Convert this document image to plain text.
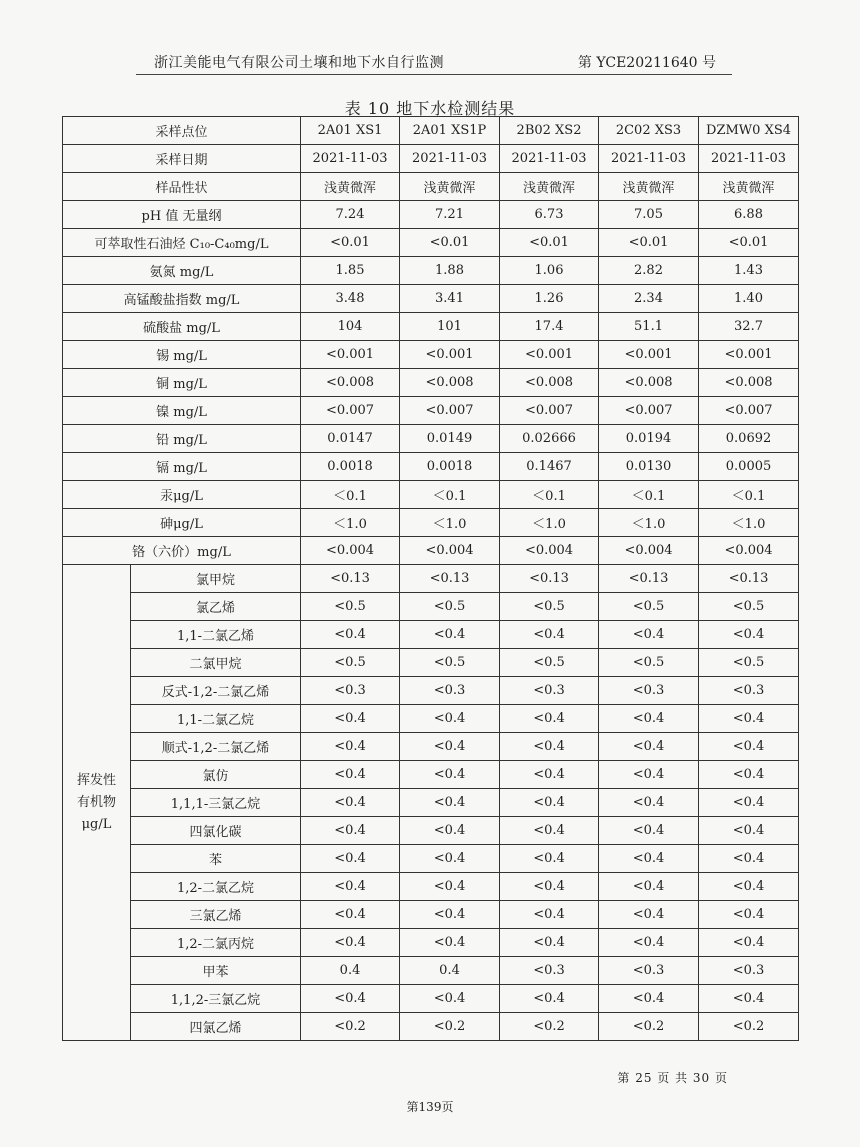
浙江美能电气有限公司土壤和地下水自行监测	第 YCE20211640 号
表 10 地下水检测结果
采样点位		2A01 XS1	2A01 XS1P	2B02 XS2	2C02 XS3	DZMW0 XS4
采样日期		2021-11-03	2021-11-03	2021-11-03	2021-11-03	2021-11-03
样品性状		浅黄微浑	浅黄微浑	浅黄微浑	浅黄微浑	浅黄微浑
pH 值 无量纲		7.24	7.21	6.73	7.05	6.88
可萃取性石油烃 C₁₀-C₄₀mg/L		<0.01	<0.01	<0.01	<0.01	<0.01
氨氮 mg/L		1.85	1.88	1.06	2.82	1.43
高锰酸盐指数 mg/L		3.48	3.41	1.26	2.34	1.40
硫酸盐 mg/L		104	101	17.4	51.1	32.7
锡 mg/L		<0.001	<0.001	<0.001	<0.001	<0.001
铜 mg/L		<0.008	<0.008	<0.008	<0.008	<0.008
镍 mg/L		<0.007	<0.007	<0.007	<0.007	<0.007
铅 mg/L		0.0147	0.0149	0.02666	0.0194	0.0692
镉 mg/L		0.0018	0.0018	0.1467	0.0130	0.0005
汞μg/L		＜0.1	＜0.1	＜0.1	＜0.1	＜0.1
砷μg/L		＜1.0	＜1.0	＜1.0	＜1.0	＜1.0
铬（六价）mg/L		<0.004	<0.004	<0.004	<0.004	<0.004

挥发性
有机物
μg/L	氯甲烷	<0.13	<0.13	<0.13	<0.13	<0.13
	氯乙烯	<0.5	<0.5	<0.5	<0.5	<0.5
	1,1-二氯乙烯	<0.4	<0.4	<0.4	<0.4	<0.4
	二氯甲烷	<0.5	<0.5	<0.5	<0.5	<0.5
	反式-1,2-二氯乙烯	<0.3	<0.3	<0.3	<0.3	<0.3
	1,1-二氯乙烷	<0.4	<0.4	<0.4	<0.4	<0.4
	顺式-1,2-二氯乙烯	<0.4	<0.4	<0.4	<0.4	<0.4
	氯仿	<0.4	<0.4	<0.4	<0.4	<0.4
	1,1,1-三氯乙烷	<0.4	<0.4	<0.4	<0.4	<0.4
	四氯化碳	<0.4	<0.4	<0.4	<0.4	<0.4
	苯	<0.4	<0.4	<0.4	<0.4	<0.4
	1,2-二氯乙烷	<0.4	<0.4	<0.4	<0.4	<0.4
	三氯乙烯	<0.4	<0.4	<0.4	<0.4	<0.4
	1,2-二氯丙烷	<0.4	<0.4	<0.4	<0.4	<0.4
	甲苯	0.4	0.4	<0.3	<0.3	<0.3
	1,1,2-三氯乙烷	<0.4	<0.4	<0.4	<0.4	<0.4
	四氯乙烯	<0.2	<0.2	<0.2	<0.2	<0.2
第 25 页 共 30 页
第139页
